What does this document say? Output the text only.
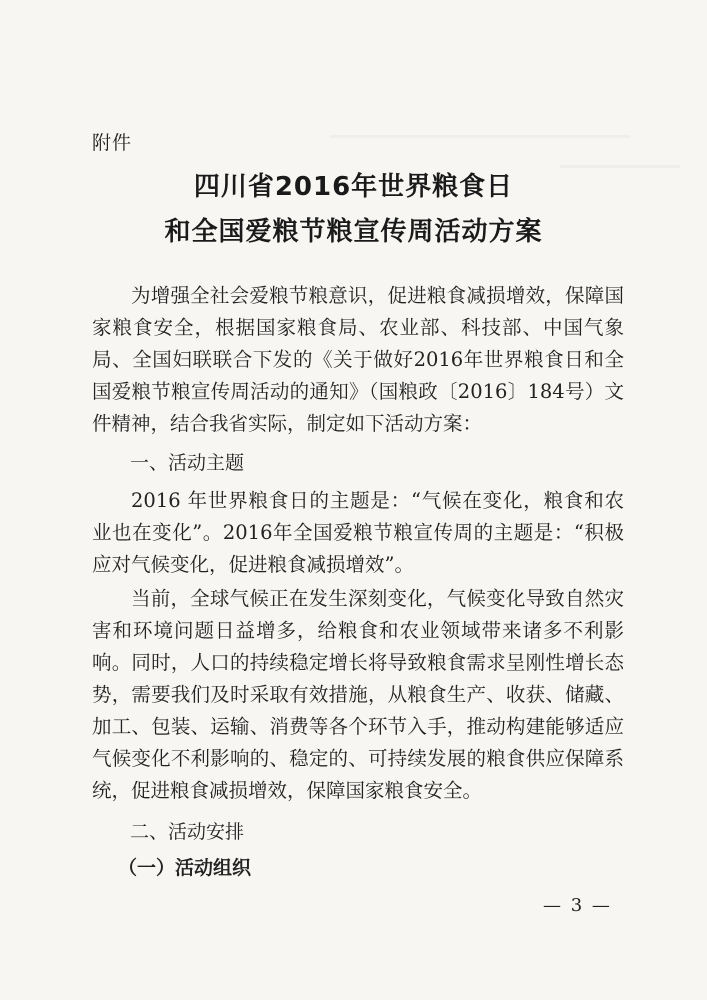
附件
四川省2016年世界粮食日
和全国爱粮节粮宣传周活动方案
为增强全社会爱粮节粮意识，促进粮食减损增效，保障国家粮食安全，根据国家粮食局、农业部、科技部、中国气象局、全国妇联联合下发的《关于做好2016年世界粮食日和全国爱粮节粮宣传周活动的通知》（国粮政〔2016〕184号）文件精神，结合我省实际，制定如下活动方案：
一、活动主题
2016 年世界粮食日的主题是：“气候在变化，粮食和农业也在变化”。2016年全国爱粮节粮宣传周的主题是：“积极应对气候变化，促进粮食减损增效”。
当前，全球气候正在发生深刻变化，气候变化导致自然灾害和环境问题日益增多，给粮食和农业领域带来诸多不利影响。同时，人口的持续稳定增长将导致粮食需求呈刚性增长态势，需要我们及时采取有效措施，从粮食生产、收获、储藏、加工、包装、运输、消费等各个环节入手，推动构建能够适应气候变化不利影响的、稳定的、可持续发展的粮食供应保障系统，促进粮食减损增效，保障国家粮食安全。
二、活动安排
（一）活动组织
— 3 —
